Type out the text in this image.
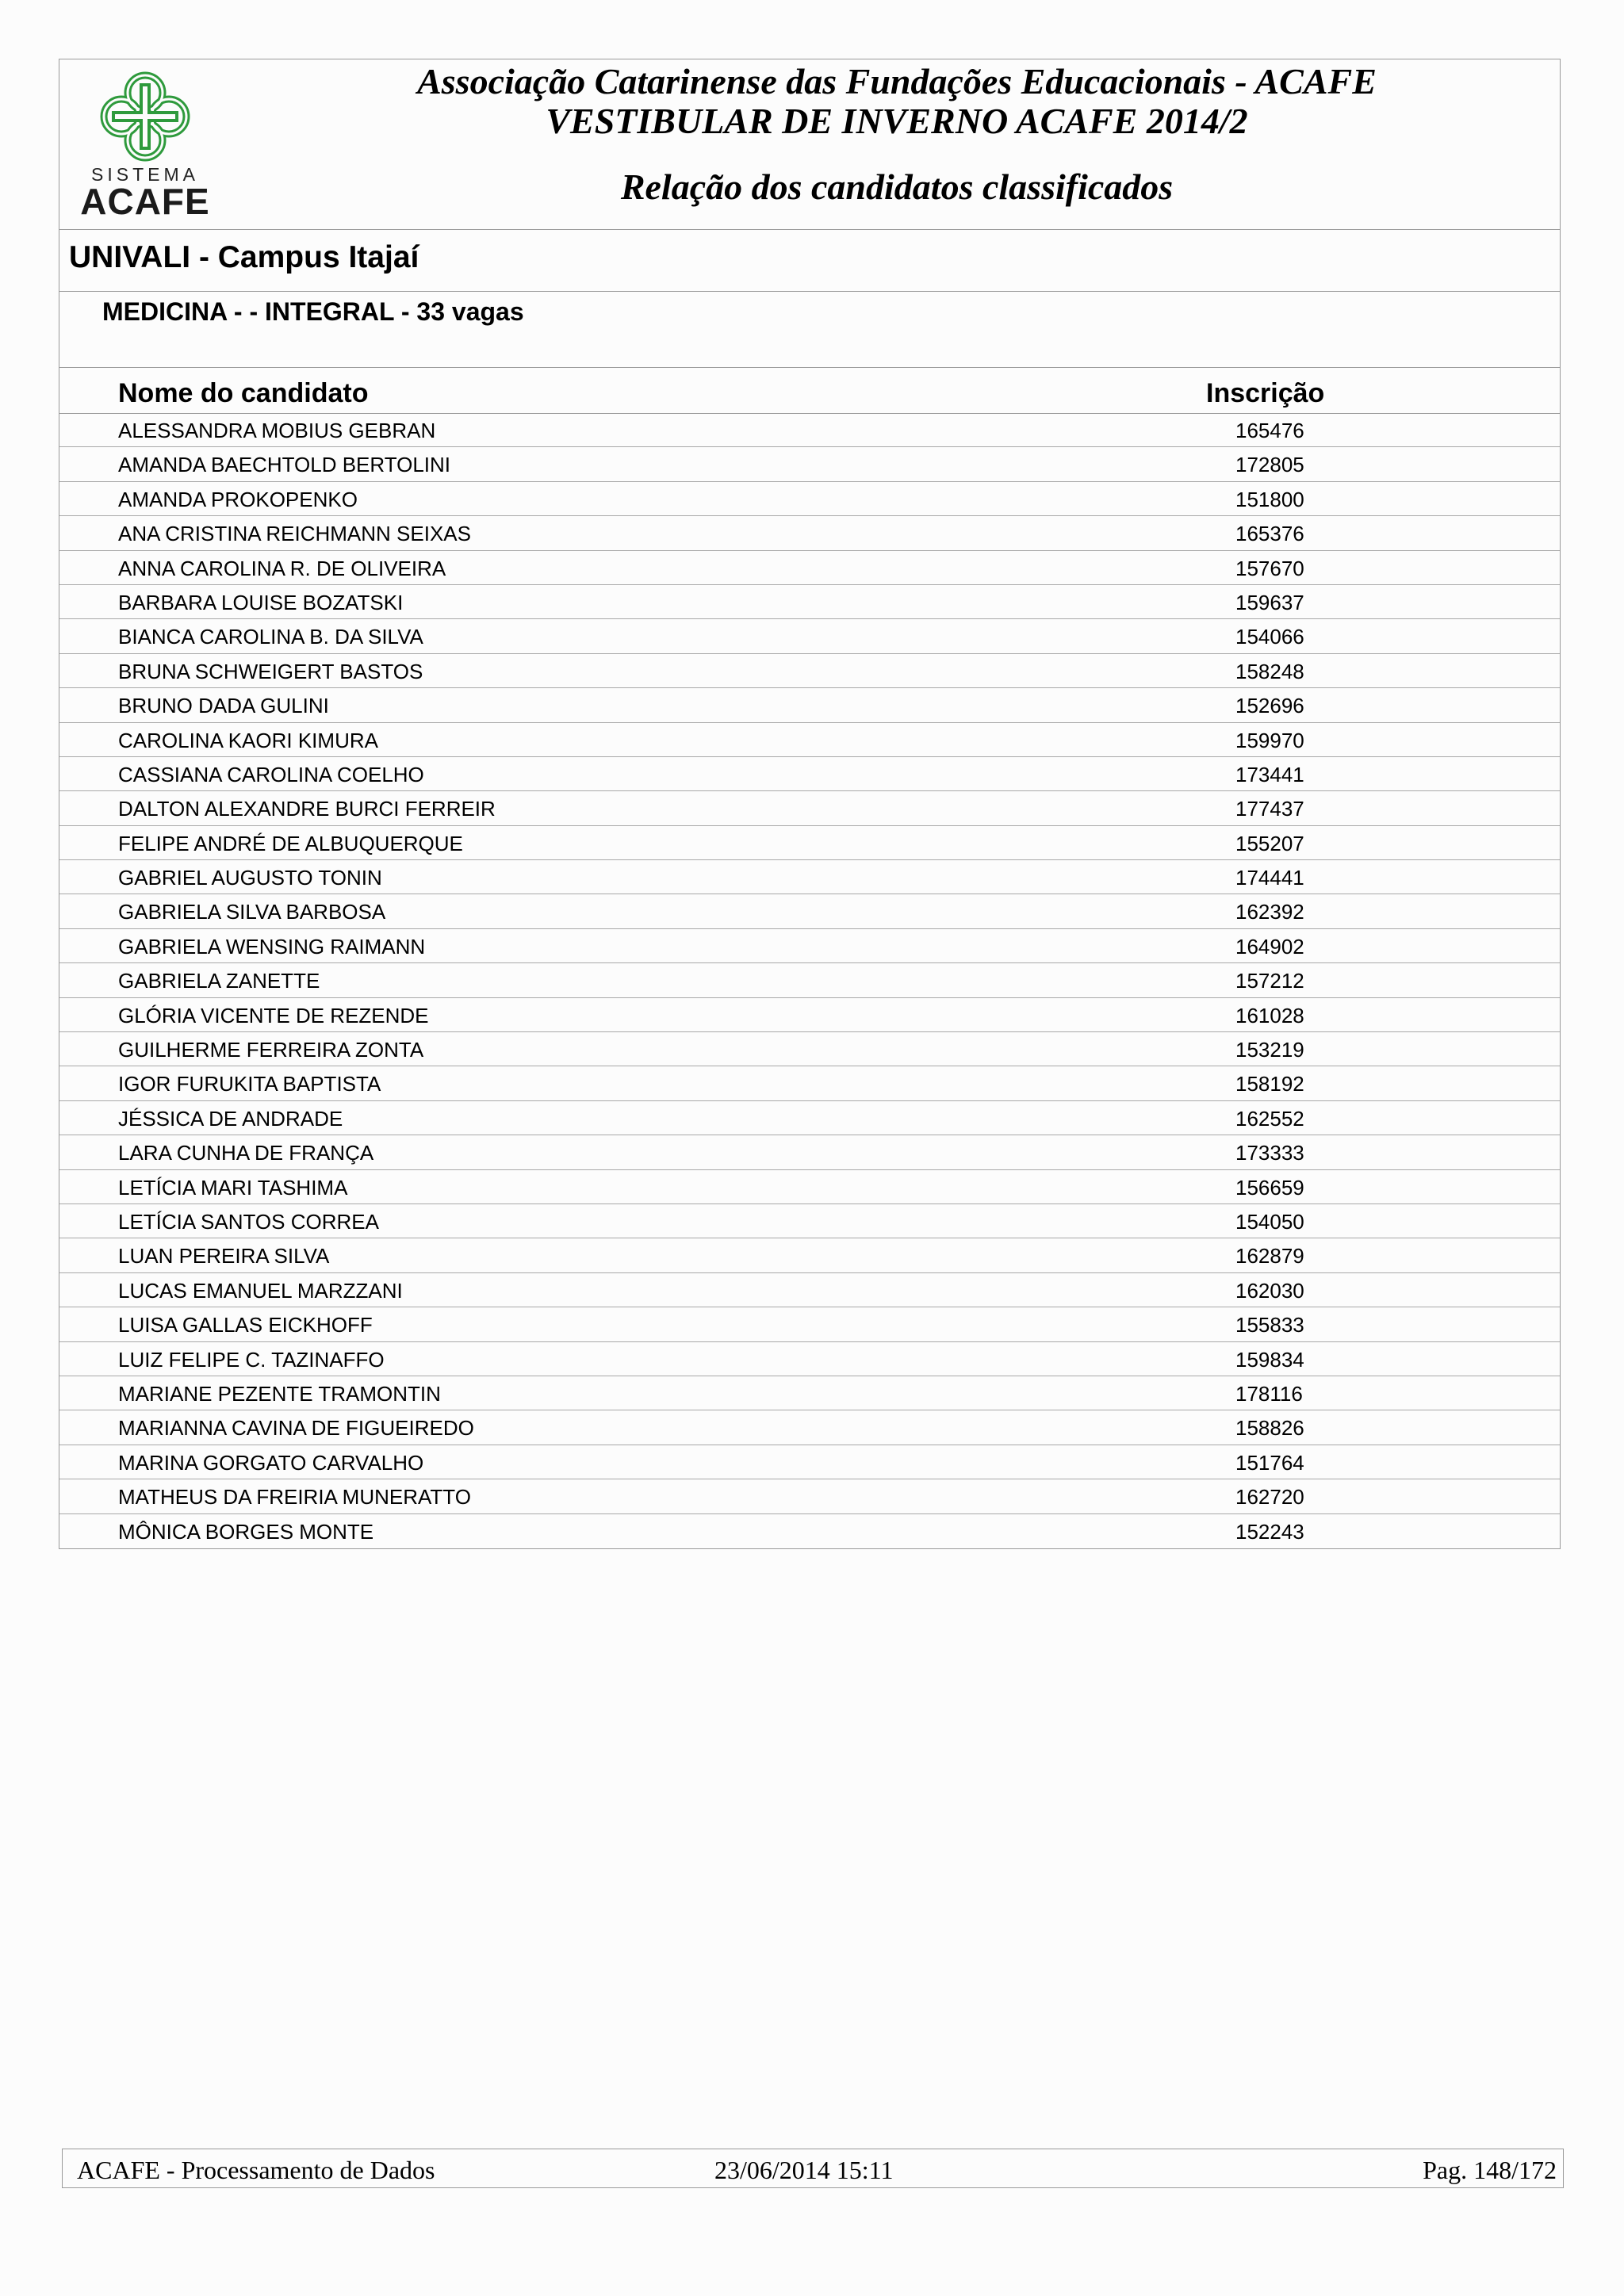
SISTEMA
ACAFE
Associação Catarinense das Fundações Educacionais - ACAFE
VESTIBULAR DE INVERNO ACAFE 2014/2
Relação dos candidatos classificados
UNIVALI - Campus Itajaí
MEDICINA - - INTEGRAL - 33 vagas
Nome do candidato	Inscrição
ALESSANDRA MOBIUS GEBRAN	165476
AMANDA BAECHTOLD BERTOLINI	172805
AMANDA PROKOPENKO	151800
ANA CRISTINA REICHMANN SEIXAS	165376
ANNA CAROLINA R. DE OLIVEIRA	157670
BARBARA LOUISE BOZATSKI	159637
BIANCA CAROLINA B. DA SILVA	154066
BRUNA SCHWEIGERT BASTOS	158248
BRUNO DADA GULINI	152696
CAROLINA KAORI KIMURA	159970
CASSIANA CAROLINA COELHO	173441
DALTON ALEXANDRE BURCI FERREIR	177437
FELIPE ANDRÉ DE ALBUQUERQUE	155207
GABRIEL AUGUSTO TONIN	174441
GABRIELA SILVA BARBOSA	162392
GABRIELA WENSING RAIMANN	164902
GABRIELA ZANETTE	157212
GLÓRIA VICENTE DE REZENDE	161028
GUILHERME FERREIRA ZONTA	153219
IGOR FURUKITA BAPTISTA	158192
JÉSSICA DE ANDRADE	162552
LARA CUNHA DE FRANÇA	173333
LETÍCIA MARI TASHIMA	156659
LETÍCIA SANTOS CORREA	154050
LUAN PEREIRA SILVA	162879
LUCAS EMANUEL MARZZANI	162030
LUISA GALLAS EICKHOFF	155833
LUIZ FELIPE C. TAZINAFFO	159834
MARIANE PEZENTE TRAMONTIN	178116
MARIANNA CAVINA DE FIGUEIREDO	158826
MARINA GORGATO CARVALHO	151764
MATHEUS DA FREIRIA MUNERATTO	162720
MÔNICA BORGES MONTE	152243
ACAFE - Processamento de Dados	23/06/2014 15:11	Pag. 148/172
